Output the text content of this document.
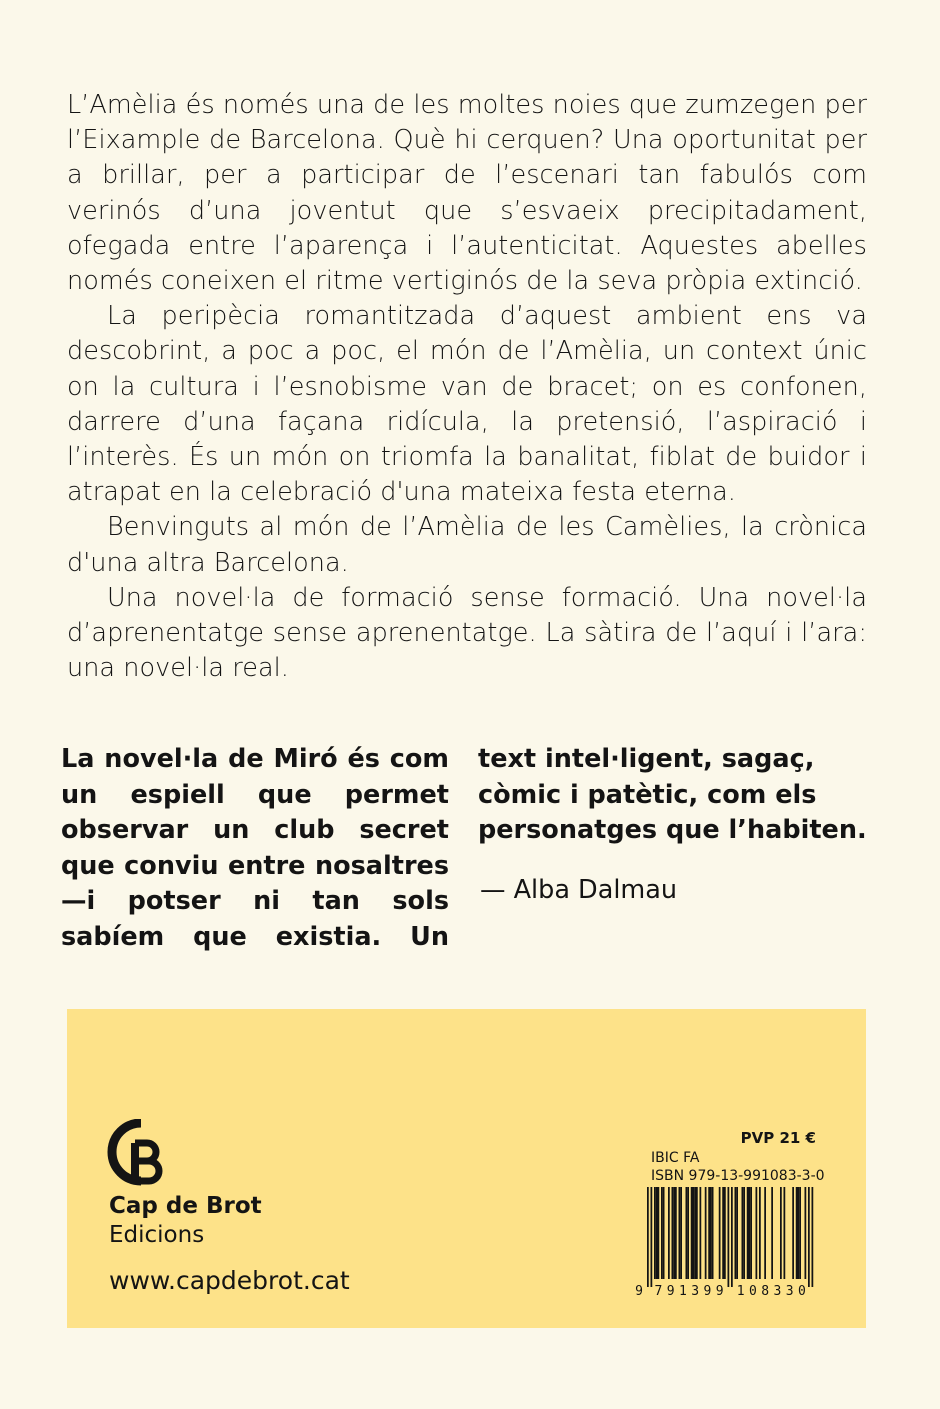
L’Amèlia és només una de les moltes noies que zumzegen per l’Eixample de Barcelona. Què hi cerquen? Una oportunitat per a brillar, per a participar de l’escenari tan fabulós com verinós d’una joventut que s’esvaeix precipitadament, ofegada entre l’aparença i l’autenticitat. Aquestes abelles només coneixen el ritme vertiginós de la seva pròpia extinció.

La peripècia romantitzada d’aquest ambient ens va descobrint, a poc a poc, el món de l’Amèlia, un context únic on la cultura i l’esnobisme van de bracet; on es confonen, darrere d’una façana ridícula, la pretensió, l’aspiració i l’interès. És un món on triomfa la banalitat, fiblat de buidor i atrapat en la celebració d'una mateixa festa eterna.

Benvinguts al món de l’Amèlia de les Camèlies, la crònica d'una altra Barcelona.

Una novel·la de formació sense formació. Una novel·la d’aprenentatge sense aprenentatge. La sàtira de l’aquí i l’ara: una novel·la real.

La novel·la de Miró és com un espiell que permet observar un club secret que conviu entre nosaltres —i potser ni tan sols sabíem que existia. Un
text intel·ligent, sagaç, còmic i patètic, com els personatges que l’habiten.
— Alba Dalmau
Cap de Brot
Edicions
www.capdebrot.cat
PVP 21 €
IBIC FA
ISBN 979-13-991083-3-0
9 7 9 1 3 9 9 1 0 8 3 3 0
